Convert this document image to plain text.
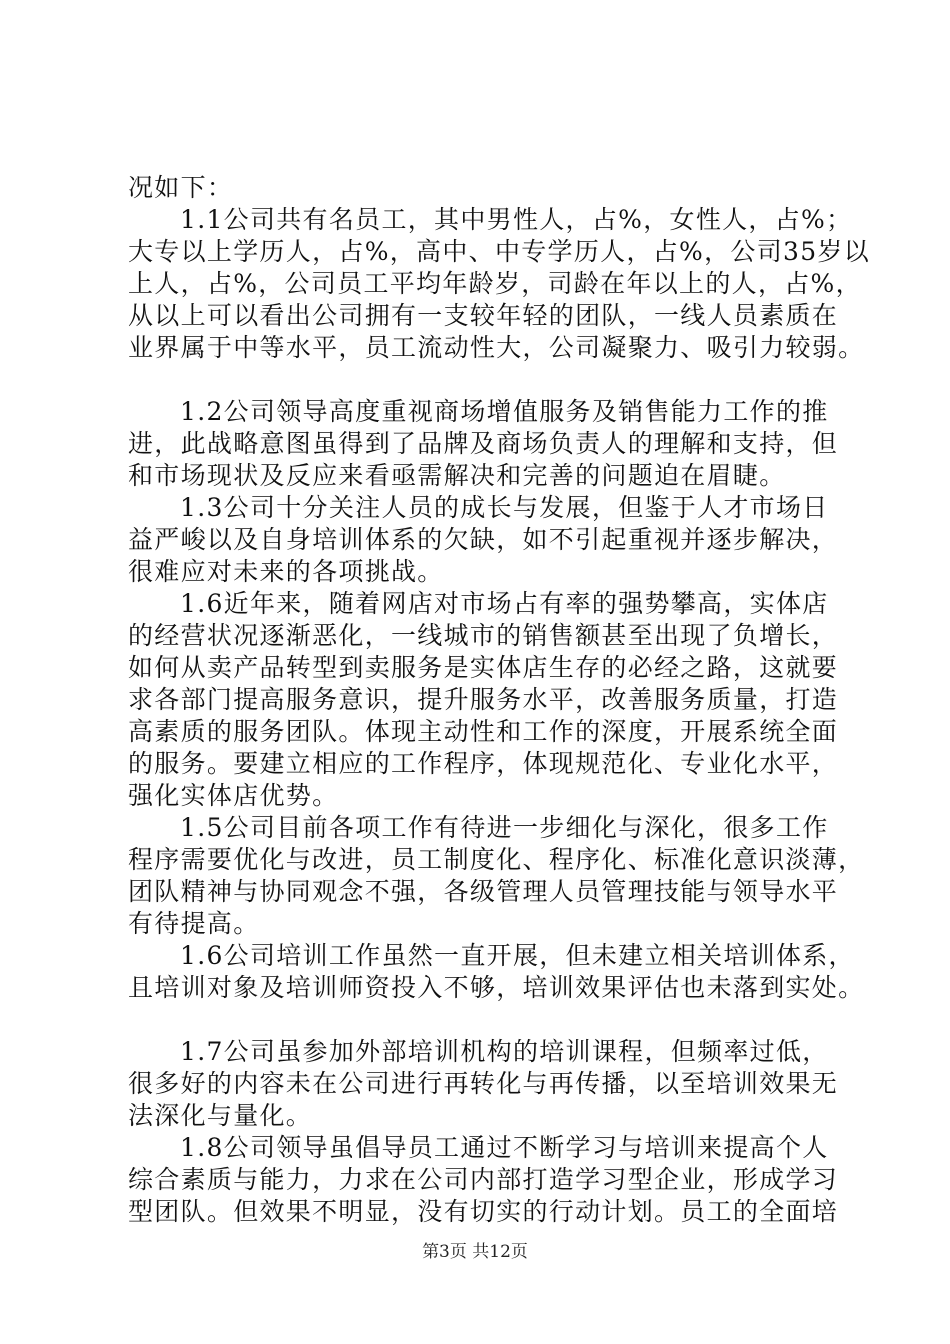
况如下：
1.1公司共有名员工，其中男性人，占%，女性人，占%；
大专以上学历人，占%，高中、中专学历人，占%，公司35岁以
上人，占%，公司员工平均年龄岁，司龄在年以上的人，占%，
从以上可以看出公司拥有一支较年轻的团队，一线人员素质在
业界属于中等水平，员工流动性大，公司凝聚力、吸引力较弱。
1.2公司领导高度重视商场增值服务及销售能力工作的推
进，此战略意图虽得到了品牌及商场负责人的理解和支持，但
和市场现状及反应来看亟需解决和完善的问题迫在眉睫。
1.3公司十分关注人员的成长与发展，但鉴于人才市场日
益严峻以及自身培训体系的欠缺，如不引起重视并逐步解决，
很难应对未来的各项挑战。
1.6近年来，随着网店对市场占有率的强势攀高，实体店
的经营状况逐渐恶化，一线城市的销售额甚至出现了负增长，
如何从卖产品转型到卖服务是实体店生存的必经之路，这就要
求各部门提高服务意识，提升服务水平，改善服务质量，打造
高素质的服务团队。体现主动性和工作的深度，开展系统全面
的服务。要建立相应的工作程序，体现规范化、专业化水平，
强化实体店优势。
1.5公司目前各项工作有待进一步细化与深化，很多工作
程序需要优化与改进，员工制度化、程序化、标准化意识淡薄，
团队精神与协同观念不强，各级管理人员管理技能与领导水平
有待提高。
1.6公司培训工作虽然一直开展，但未建立相关培训体系，
且培训对象及培训师资投入不够，培训效果评估也未落到实处。
1.7公司虽参加外部培训机构的培训课程，但频率过低，
很多好的内容未在公司进行再转化与再传播，以至培训效果无
法深化与量化。
1.8公司领导虽倡导员工通过不断学习与培训来提高个人
综合素质与能力，力求在公司内部打造学习型企业，形成学习
型团队。但效果不明显，没有切实的行动计划。员工的全面培
第3页 共12页
